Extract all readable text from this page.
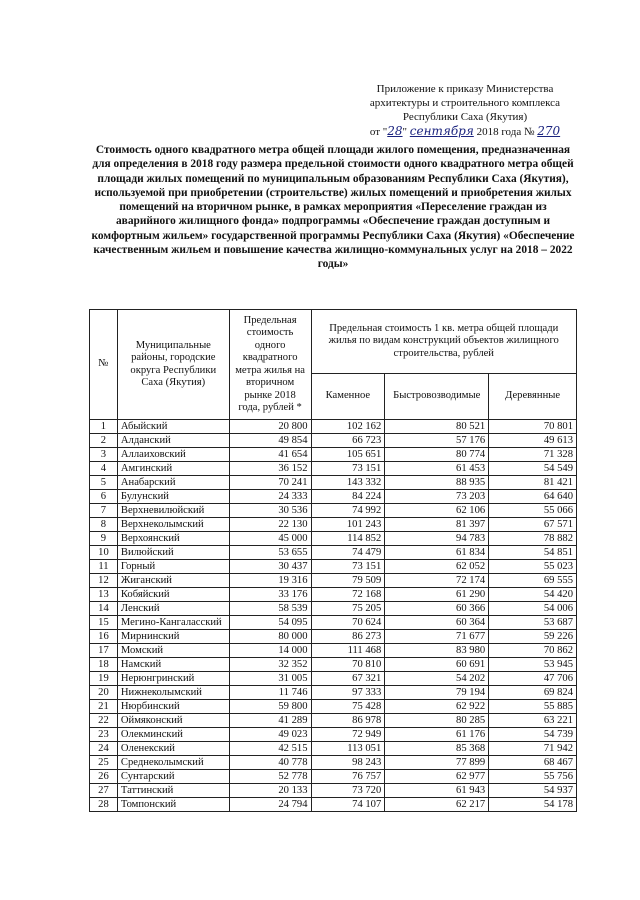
Приложение к приказу Министерства
архитектуры и строительного комплекса
Республики Саха (Якутия)
от "28" сентября 2018 года № 270
Стоимость одного квадратного метра общей площади жилого помещения, предназначенная для определения в 2018 году размера предельной стоимости одного квадратного метра общей площади жилых помещений по муниципальным образованиям Республики Саха (Якутия), используемой при приобретении (строительстве) жилых помещений и приобретения жилых помещений на вторичном рынке, в рамках мероприятия «Переселение граждан из аварийного жилищного фонда» подпрограммы «Обеспечение граждан доступным и комфортным жильем» государственной программы Республики Саха (Якутия) «Обеспечение качественным жильем и повышение качества жилищно-коммунальных услуг на 2018 – 2022 годы»
№	Муниципальные районы, городские округа Республики Саха (Якутия)	Предельная стоимость одного квадратного метра жилья на вторичном рынке 2018 года, рублей *	Предельная стоимость 1 кв. метра общей площади жилья по видам конструкций объектов жилищного строительства, рублей		
			Каменное	Быстровозводимые	Деревянные
1	Абыйский	20 800	102 162	80 521	70 801
2	Алданский	49 854	66 723	57 176	49 613
3	Аллаиховский	41 654	105 651	80 774	71 328
4	Амгинский	36 152	73 151	61 453	54 549
5	Анабарский	70 241	143 332	88 935	81 421
6	Булунский	24 333	84 224	73 203	64 640
7	Верхневилюйский	30 536	74 992	62 106	55 066
8	Верхнеколымский	22 130	101 243	81 397	67 571
9	Верхоянский	45 000	114 852	94 783	78 882
10	Вилюйский	53 655	74 479	61 834	54 851
11	Горный	30 437	73 151	62 052	55 023
12	Жиганский	19 316	79 509	72 174	69 555
13	Кобяйский	33 176	72 168	61 290	54 420
14	Ленский	58 539	75 205	60 366	54 006
15	Мегино-Кангаласский	54 095	70 624	60 364	53 687
16	Мирнинский	80 000	86 273	71 677	59 226
17	Момский	14 000	111 468	83 980	70 862
18	Намский	32 352	70 810	60 691	53 945
19	Нерюнгринский	31 005	67 321	54 202	47 706
20	Нижнеколымский	11 746	97 333	79 194	69 824
21	Нюрбинский	59 800	75 428	62 922	55 885
22	Оймяконский	41 289	86 978	80 285	63 221
23	Олекминский	49 023	72 949	61 176	54 739
24	Оленекский	42 515	113 051	85 368	71 942
25	Среднеколымский	40 778	98 243	77 899	68 467
26	Сунтарский	52 778	76 757	62 977	55 756
27	Таттинский	20 133	73 720	61 943	54 937
28	Томпонский	24 794	74 107	62 217	54 178
